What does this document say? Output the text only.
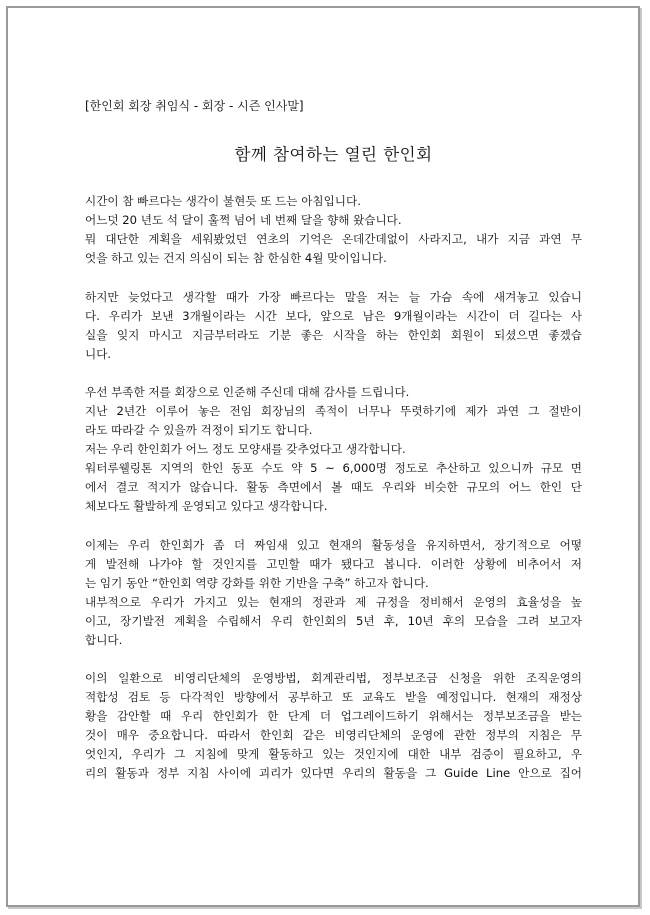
[한인회 회장 취임식 - 회장 - 시즌 인사말]
함께 참여하는 열린 한인회
시간이 참 빠르다는 생각이 불현듯 또 드는 아침입니다.
어느덧 20 년도 석 달이 훌쩍 넘어 네 번째 달을 향해 왔습니다.
뭐 대단한 계획을 세워봤었던 연초의 기억은 온데간데없이 사라지고, 내가 지금 과연 무
엇을 하고 있는 건지 의심이 되는 참 한심한 4월 맞이입니다.
하지만 늦었다고 생각할 때가 가장 빠르다는 말을 저는 늘 가슴 속에 새겨놓고 있습니
다. 우리가 보낸 3개월이라는 시간 보다, 앞으로 남은 9개월이라는 시간이 더 길다는 사
실을 잊지 마시고 지금부터라도 기분 좋은 시작을 하는 한인회 회원이 되셨으면 좋겠습
니다.
우선 부족한 저를 회장으로 인준해 주신데 대해 감사를 드립니다.
지난 2년간 이루어 놓은 전임 회장님의 족적이 너무나 뚜렷하기에 제가 과연 그 절반이
라도 따라갈 수 있을까 걱정이 되기도 합니다.
저는 우리 한인회가 어느 정도 모양새를 갖추었다고 생각합니다.
워터루웰링톤 지역의 한인 동포 수도 약 5 ~ 6,000명 정도로 추산하고 있으니까 규모 면
에서 결코 적지가 않습니다. 활동 측면에서 볼 때도 우리와 비슷한 규모의 어느 한인 단
체보다도 활발하게 운영되고 있다고 생각합니다.
이제는 우리 한인회가 좀 더 짜임새 있고 현재의 활동성을 유지하면서, 장기적으로 어떻
게 발전해 나가야 할 것인지를 고민할 때가 됐다고 봅니다. 이러한 상황에 비추어서 저
는 임기 동안 “한인회 역량 강화를 위한 기반을 구축” 하고자 합니다.
내부적으로 우리가 가지고 있는 현재의 정관과 제 규정을 정비해서 운영의 효율성을 높
이고, 장기발전 계획을 수립해서 우리 한인회의 5년 후, 10년 후의 모습을 그려 보고자
합니다.
이의 일환으로 비영리단체의 운영방법, 회계관리법, 정부보조금 신청을 위한 조직운영의
적합성 검토 등 다각적인 방향에서 공부하고 또 교육도 받을 예정입니다. 현재의 재정상
황을 감안할 때 우리 한인회가 한 단계 더 업그레이드하기 위해서는 정부보조금을 받는
것이 매우 중요합니다. 따라서 한인회 같은 비영리단체의 운영에 관한 정부의 지침은 무
엇인지, 우리가 그 지침에 맞게 활동하고 있는 것인지에 대한 내부 검증이 필요하고, 우
리의 활동과 정부 지침 사이에 괴리가 있다면 우리의 활동을 그 Guide Line 안으로 집어
